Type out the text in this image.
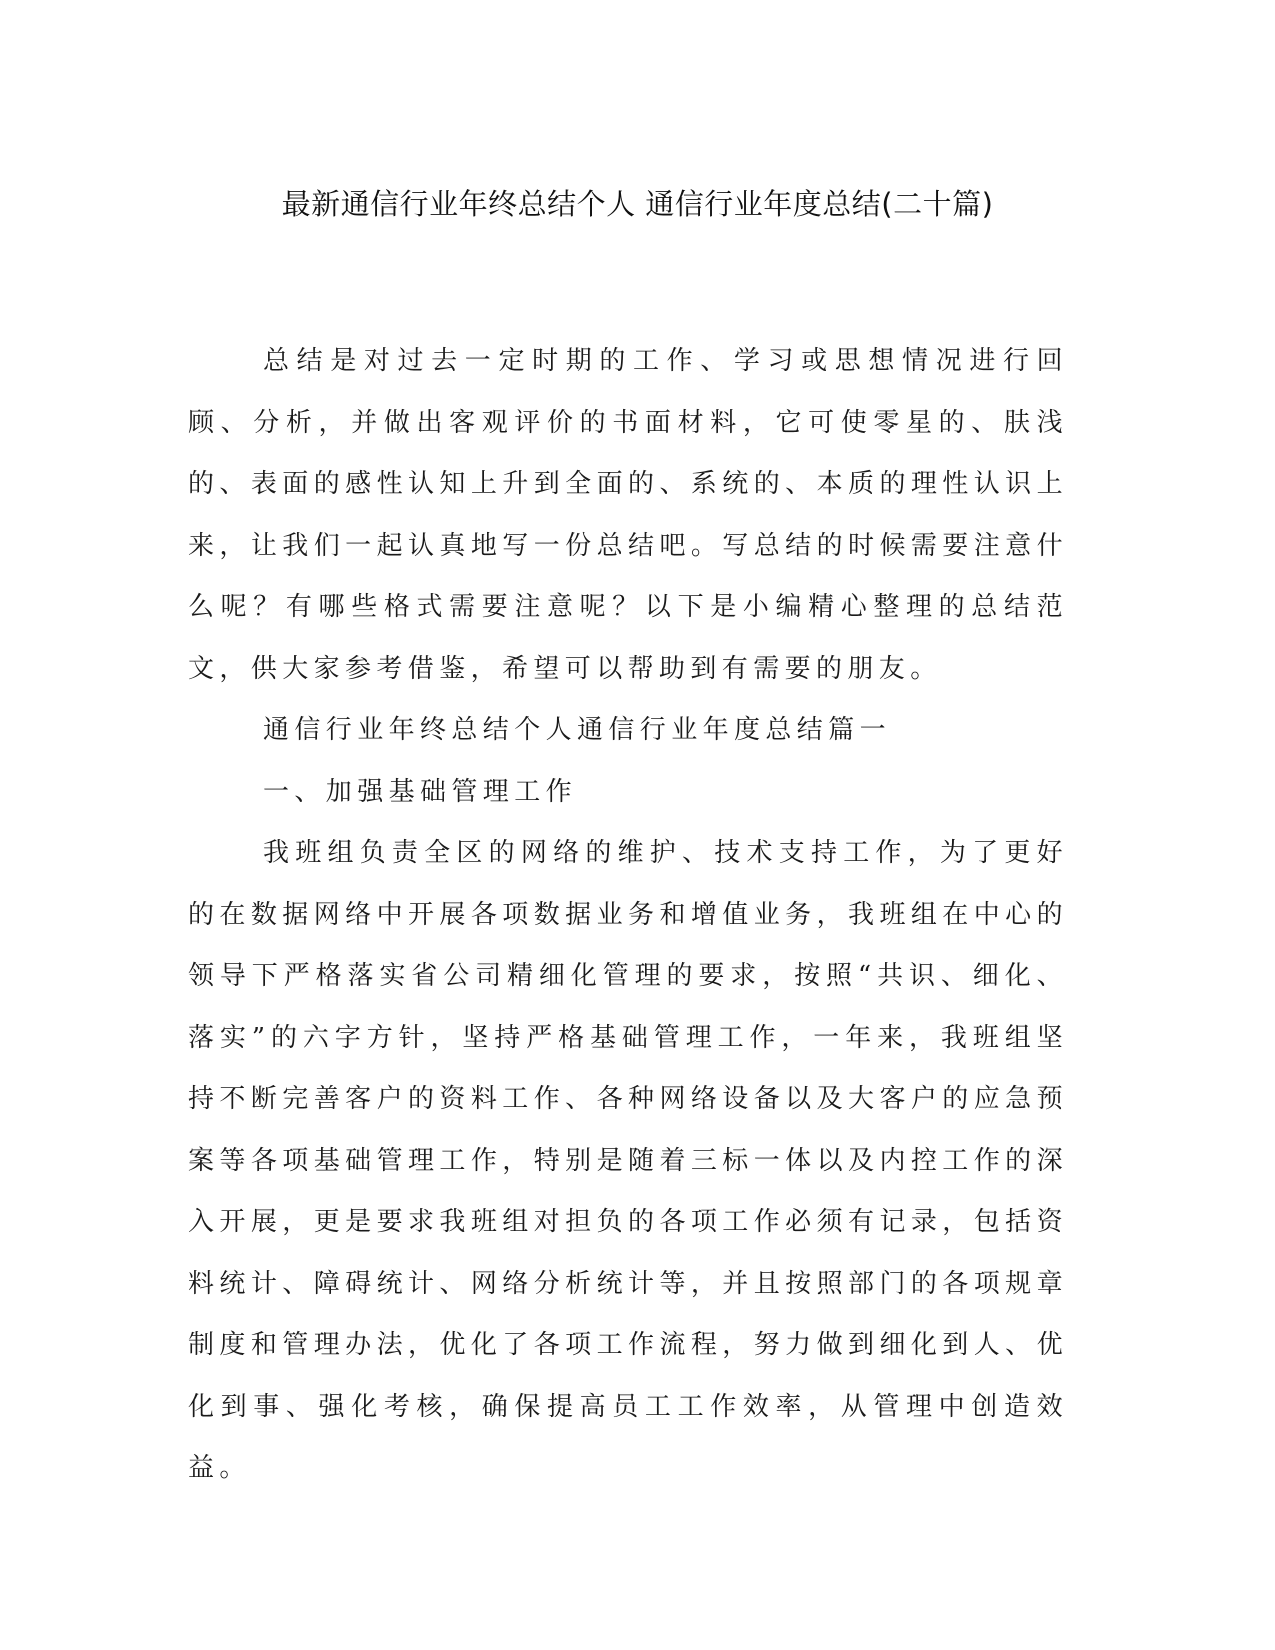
最新通信行业年终总结个人 通信行业年度总结(二十篇)

总结是对过去一定时期的工作、学习或思想情况进行回顾、分析，并做出客观评价的书面材料，它可使零星的、肤浅的、表面的感性认知上升到全面的、系统的、本质的理性认识上来，让我们一起认真地写一份总结吧。写总结的时候需要注意什么呢？有哪些格式需要注意呢？以下是小编精心整理的总结范文，供大家参考借鉴，希望可以帮助到有需要的朋友。

通信行业年终总结个人通信行业年度总结篇一

一、加强基础管理工作

我班组负责全区的网络的维护、技术支持工作，为了更好的在数据网络中开展各项数据业务和增值业务，我班组在中心的领导下严格落实省公司精细化管理的要求，按照“共识、细化、落实”的六字方针，坚持严格基础管理工作，一年来，我班组坚持不断完善客户的资料工作、各种网络设备以及大客户的应急预案等各项基础管理工作，特别是随着三标一体以及内控工作的深入开展，更是要求我班组对担负的各项工作必须有记录，包括资料统计、障碍统计、网络分析统计等，并且按照部门的各项规章制度和管理办法，优化了各项工作流程，努力做到细化到人、优化到事、强化考核，确保提高员工工作效率，从管理中创造效益。
